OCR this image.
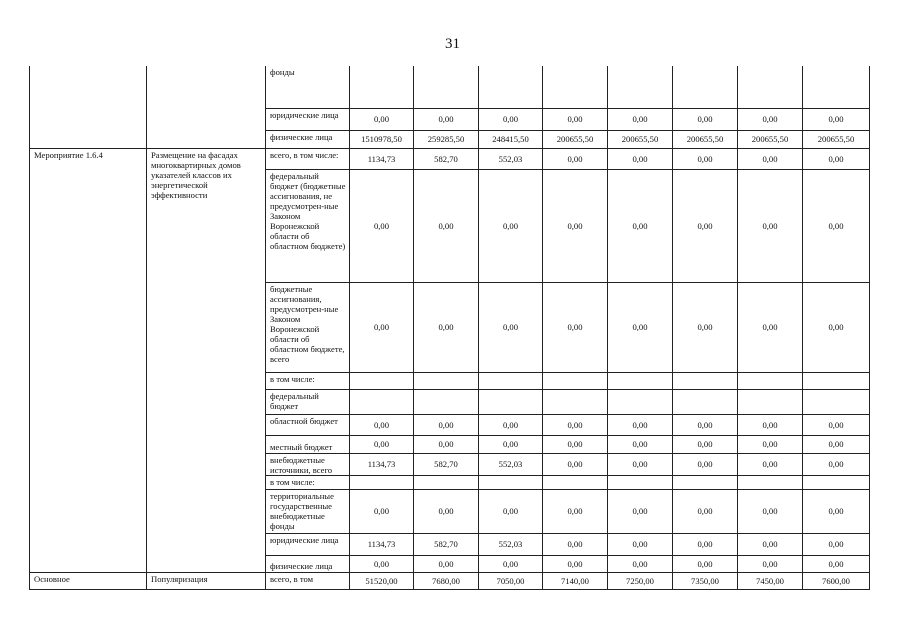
31
		фонды								
		юридические лица	0,00	0,00	0,00	0,00	0,00	0,00	0,00	0,00
		физические лица	1510978,50	259285,50	248415,50	200655,50	200655,50	200655,50	200655,50	200655,50
Мероприятие 1.6.4	Размещение на фасадах многоквартирных домов указателей классов их энергетической эффективности	всего, в том числе:	1134,73	582,70	552,03	0,00	0,00	0,00	0,00	0,00
		федеральный бюджет (бюджетные ассигнования, не предусмотрен-ные Законом Воронежской области об областном бюджете)	0,00	0,00	0,00	0,00	0,00	0,00	0,00	0,00
		бюджетные ассигнования, предусмотрен-ные Законом Воронежской области об областном бюджете, всего	0,00	0,00	0,00	0,00	0,00	0,00	0,00	0,00
		в том числе:								
		федеральный бюджет								
		областной бюджет	0,00	0,00	0,00	0,00	0,00	0,00	0,00	0,00
		местный бюджет	0,00	0,00	0,00	0,00	0,00	0,00	0,00	0,00
		внебюджетные источники, всего	1134,73	582,70	552,03	0,00	0,00	0,00	0,00	0,00
		в том числе:								
		территориальные государственные внебюджетные фонды	0,00	0,00	0,00	0,00	0,00	0,00	0,00	0,00
		юридические лица	1134,73	582,70	552,03	0,00	0,00	0,00	0,00	0,00
		физические лица	0,00	0,00	0,00	0,00	0,00	0,00	0,00	0,00
Основное	Популяризация	всего, в том	51520,00	7680,00	7050,00	7140,00	7250,00	7350,00	7450,00	7600,00
